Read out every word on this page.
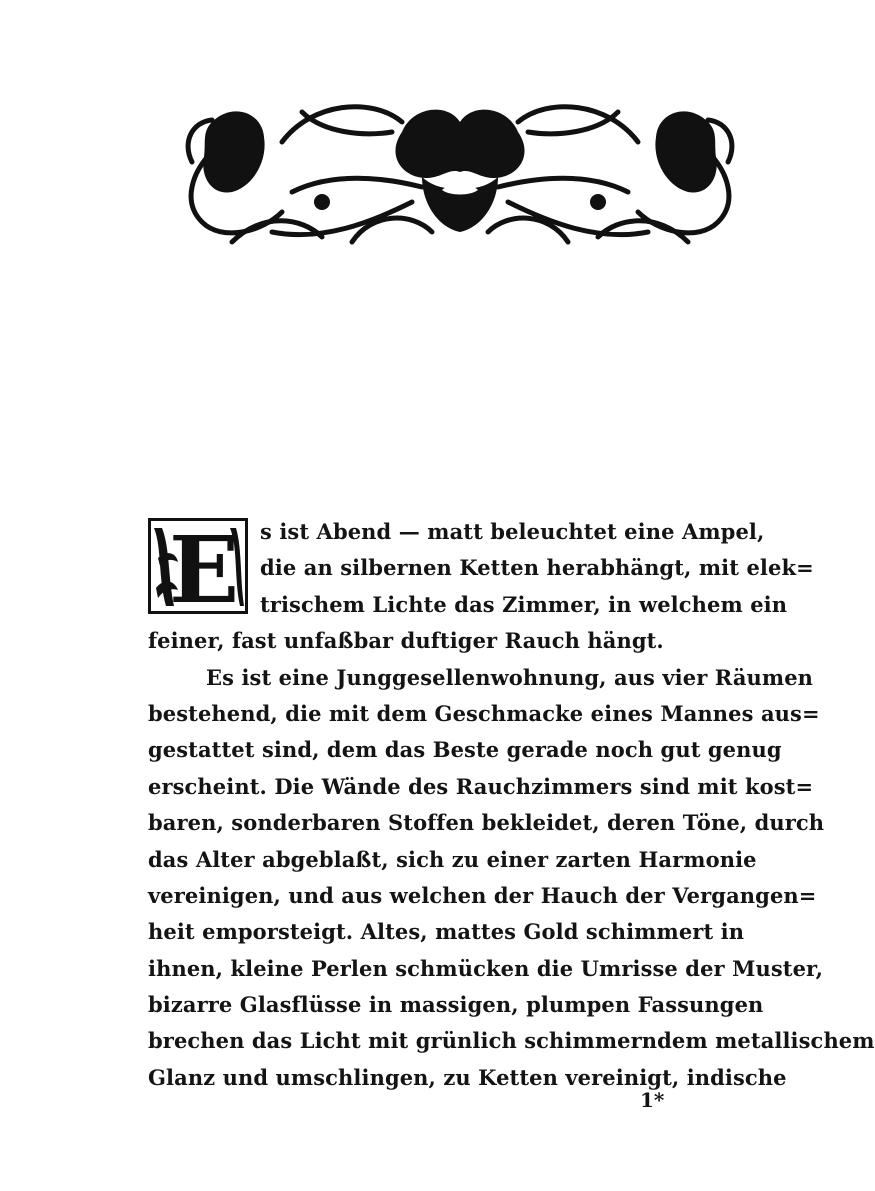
E s ist Abend — matt beleuchtet eine Ampel,
die an silbernen Ketten herabhängt, mit elek=
trischem Lichte das Zimmer, in welchem ein
feiner, fast unfaßbar duftiger Rauch hängt.
Es ist eine Junggesellenwohnung, aus vier Räumen
bestehend, die mit dem Geschmacke eines Mannes aus=
gestattet sind, dem das Beste gerade noch gut genug
erscheint. Die Wände des Rauchzimmers sind mit kost=
baren, sonderbaren Stoffen bekleidet, deren Töne, durch
das Alter abgeblaßt, sich zu einer zarten Harmonie
vereinigen, und aus welchen der Hauch der Vergangen=
heit emporsteigt. Altes, mattes Gold schimmert in
ihnen, kleine Perlen schmücken die Umrisse der Muster,
bizarre Glasflüsse in massigen, plumpen Fassungen
brechen das Licht mit grünlich schimmerndem metallischem
Glanz und umschlingen, zu Ketten vereinigt, indische
1*
